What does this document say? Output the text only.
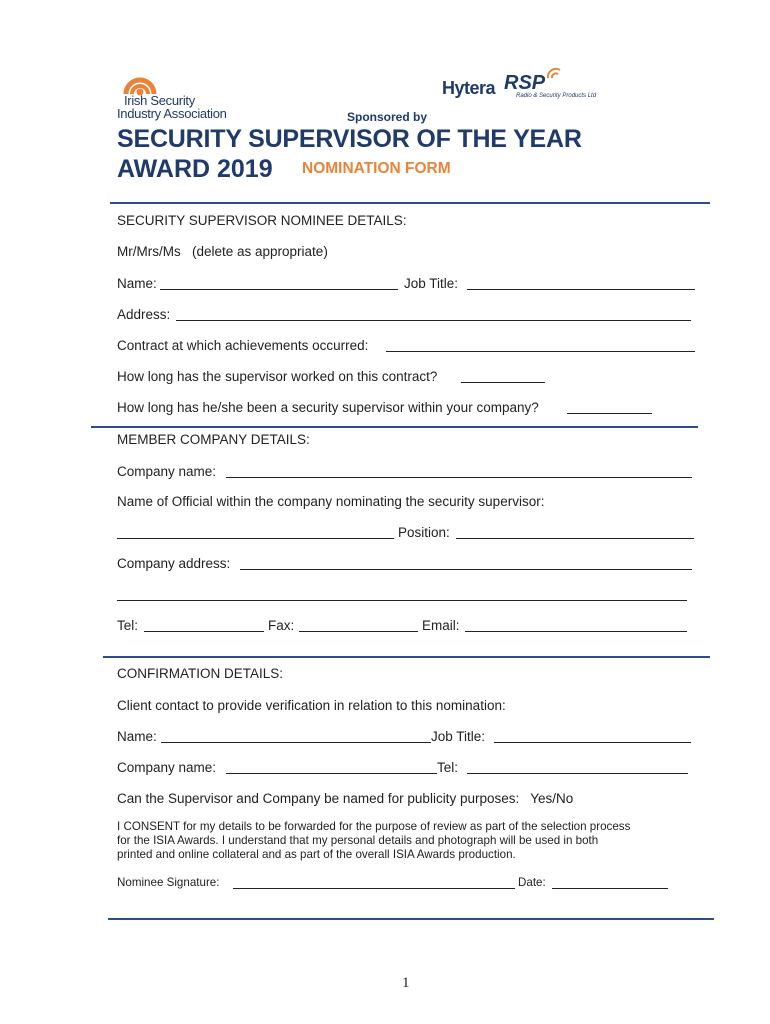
Irish Security
Industry Association
Hytera RSP
Radio & Security Products Ltd
Sponsored by
SECURITY SUPERVISOR OF THE YEAR
AWARD 2019 NOMINATION FORM
SECURITY SUPERVISOR NOMINEE DETAILS:
Mr/Mrs/Ms   (delete as appropriate)
Name:	Job Title:
Address:
Contract at which achievements occurred:
How long has the supervisor worked on this contract?
How long has he/she been a security supervisor within your company?
MEMBER COMPANY DETAILS:
Company name:
Name of Official within the company nominating the security supervisor:
Position:
Company address:
Tel:	Fax:	Email:
CONFIRMATION DETAILS:
Client contact to provide verification in relation to this nomination:
Name:	Job Title:
Company name:	Tel:
Can the Supervisor and Company be named for publicity purposes:   Yes/No
I CONSENT for my details to be forwarded for the purpose of review as part of the selection process
for the ISIA Awards. I understand that my personal details and photograph will be used in both
printed and online collateral and as part of the overall ISIA Awards production.
Nominee Signature:	Date:
1
